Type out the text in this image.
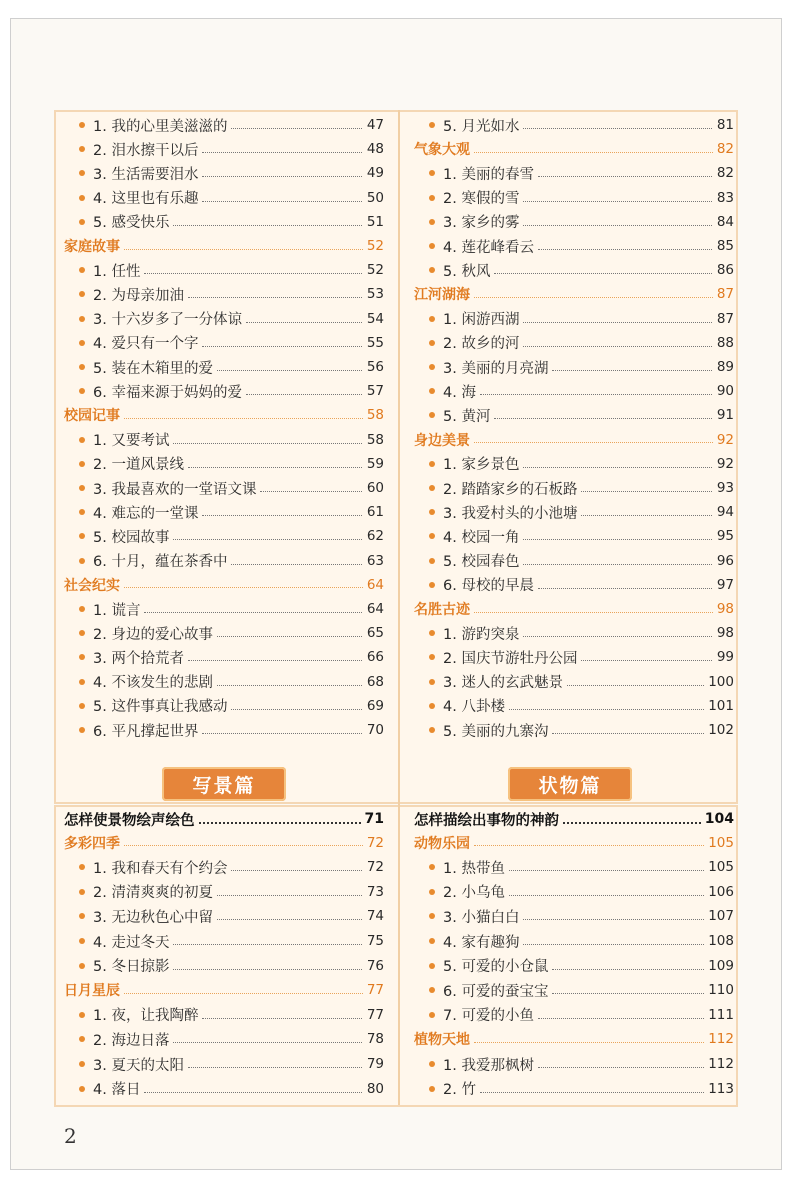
1. 我的心里美滋滋的	47
2. 泪水擦干以后	48
3. 生活需要泪水	49
4. 这里也有乐趣	50
5. 感受快乐	51
家庭故事	52
1. 任性	52
2. 为母亲加油	53
3. 十六岁多了一分体谅	54
4. 爱只有一个字	55
5. 装在木箱里的爱	56
6. 幸福来源于妈妈的爱	57
校园记事	58
1. 又要考试	58
2. 一道风景线	59
3. 我最喜欢的一堂语文课	60
4. 难忘的一堂课	61
5. 校园故事	62
6. 十月，蕴在茶香中	63
社会纪实	64
1. 谎言	64
2. 身边的爱心故事	65
3. 两个拾荒者	66
4. 不该发生的悲剧	68
5. 这件事真让我感动	69
6. 平凡撑起世界	70
5. 月光如水	81
气象大观	82
1. 美丽的春雪	82
2. 寒假的雪	83
3. 家乡的雾	84
4. 莲花峰看云	85
5. 秋风	86
江河湖海	87
1. 闲游西湖	87
2. 故乡的河	88
3. 美丽的月亮湖	89
4. 海	90
5. 黄河	91
身边美景	92
1. 家乡景色	92
2. 踏踏家乡的石板路	93
3. 我爱村头的小池塘	94
4. 校园一角	95
5. 校园春色	96
6. 母校的早晨	97
名胜古迹	98
1. 游趵突泉	98
2. 国庆节游牡丹公园	99
3. 迷人的玄武魅景	100
4. 八卦楼	101
5. 美丽的九寨沟	102
写景篇	状物篇
怎样使景物绘声绘色	71
多彩四季	72
1. 我和春天有个约会	72
2. 清清爽爽的初夏	73
3. 无边秋色心中留	74
4. 走过冬天	75
5. 冬日掠影	76
日月星辰	77
1. 夜，让我陶醉	77
2. 海边日落	78
3. 夏天的太阳	79
4. 落日	80
怎样描绘出事物的神韵	104
动物乐园	105
1. 热带鱼	105
2. 小乌龟	106
3. 小猫白白	107
4. 家有趣狗	108
5. 可爱的小仓鼠	109
6. 可爱的蚕宝宝	110
7. 可爱的小鱼	111
植物天地	112
1. 我爱那枫树	112
2. 竹	113
2
